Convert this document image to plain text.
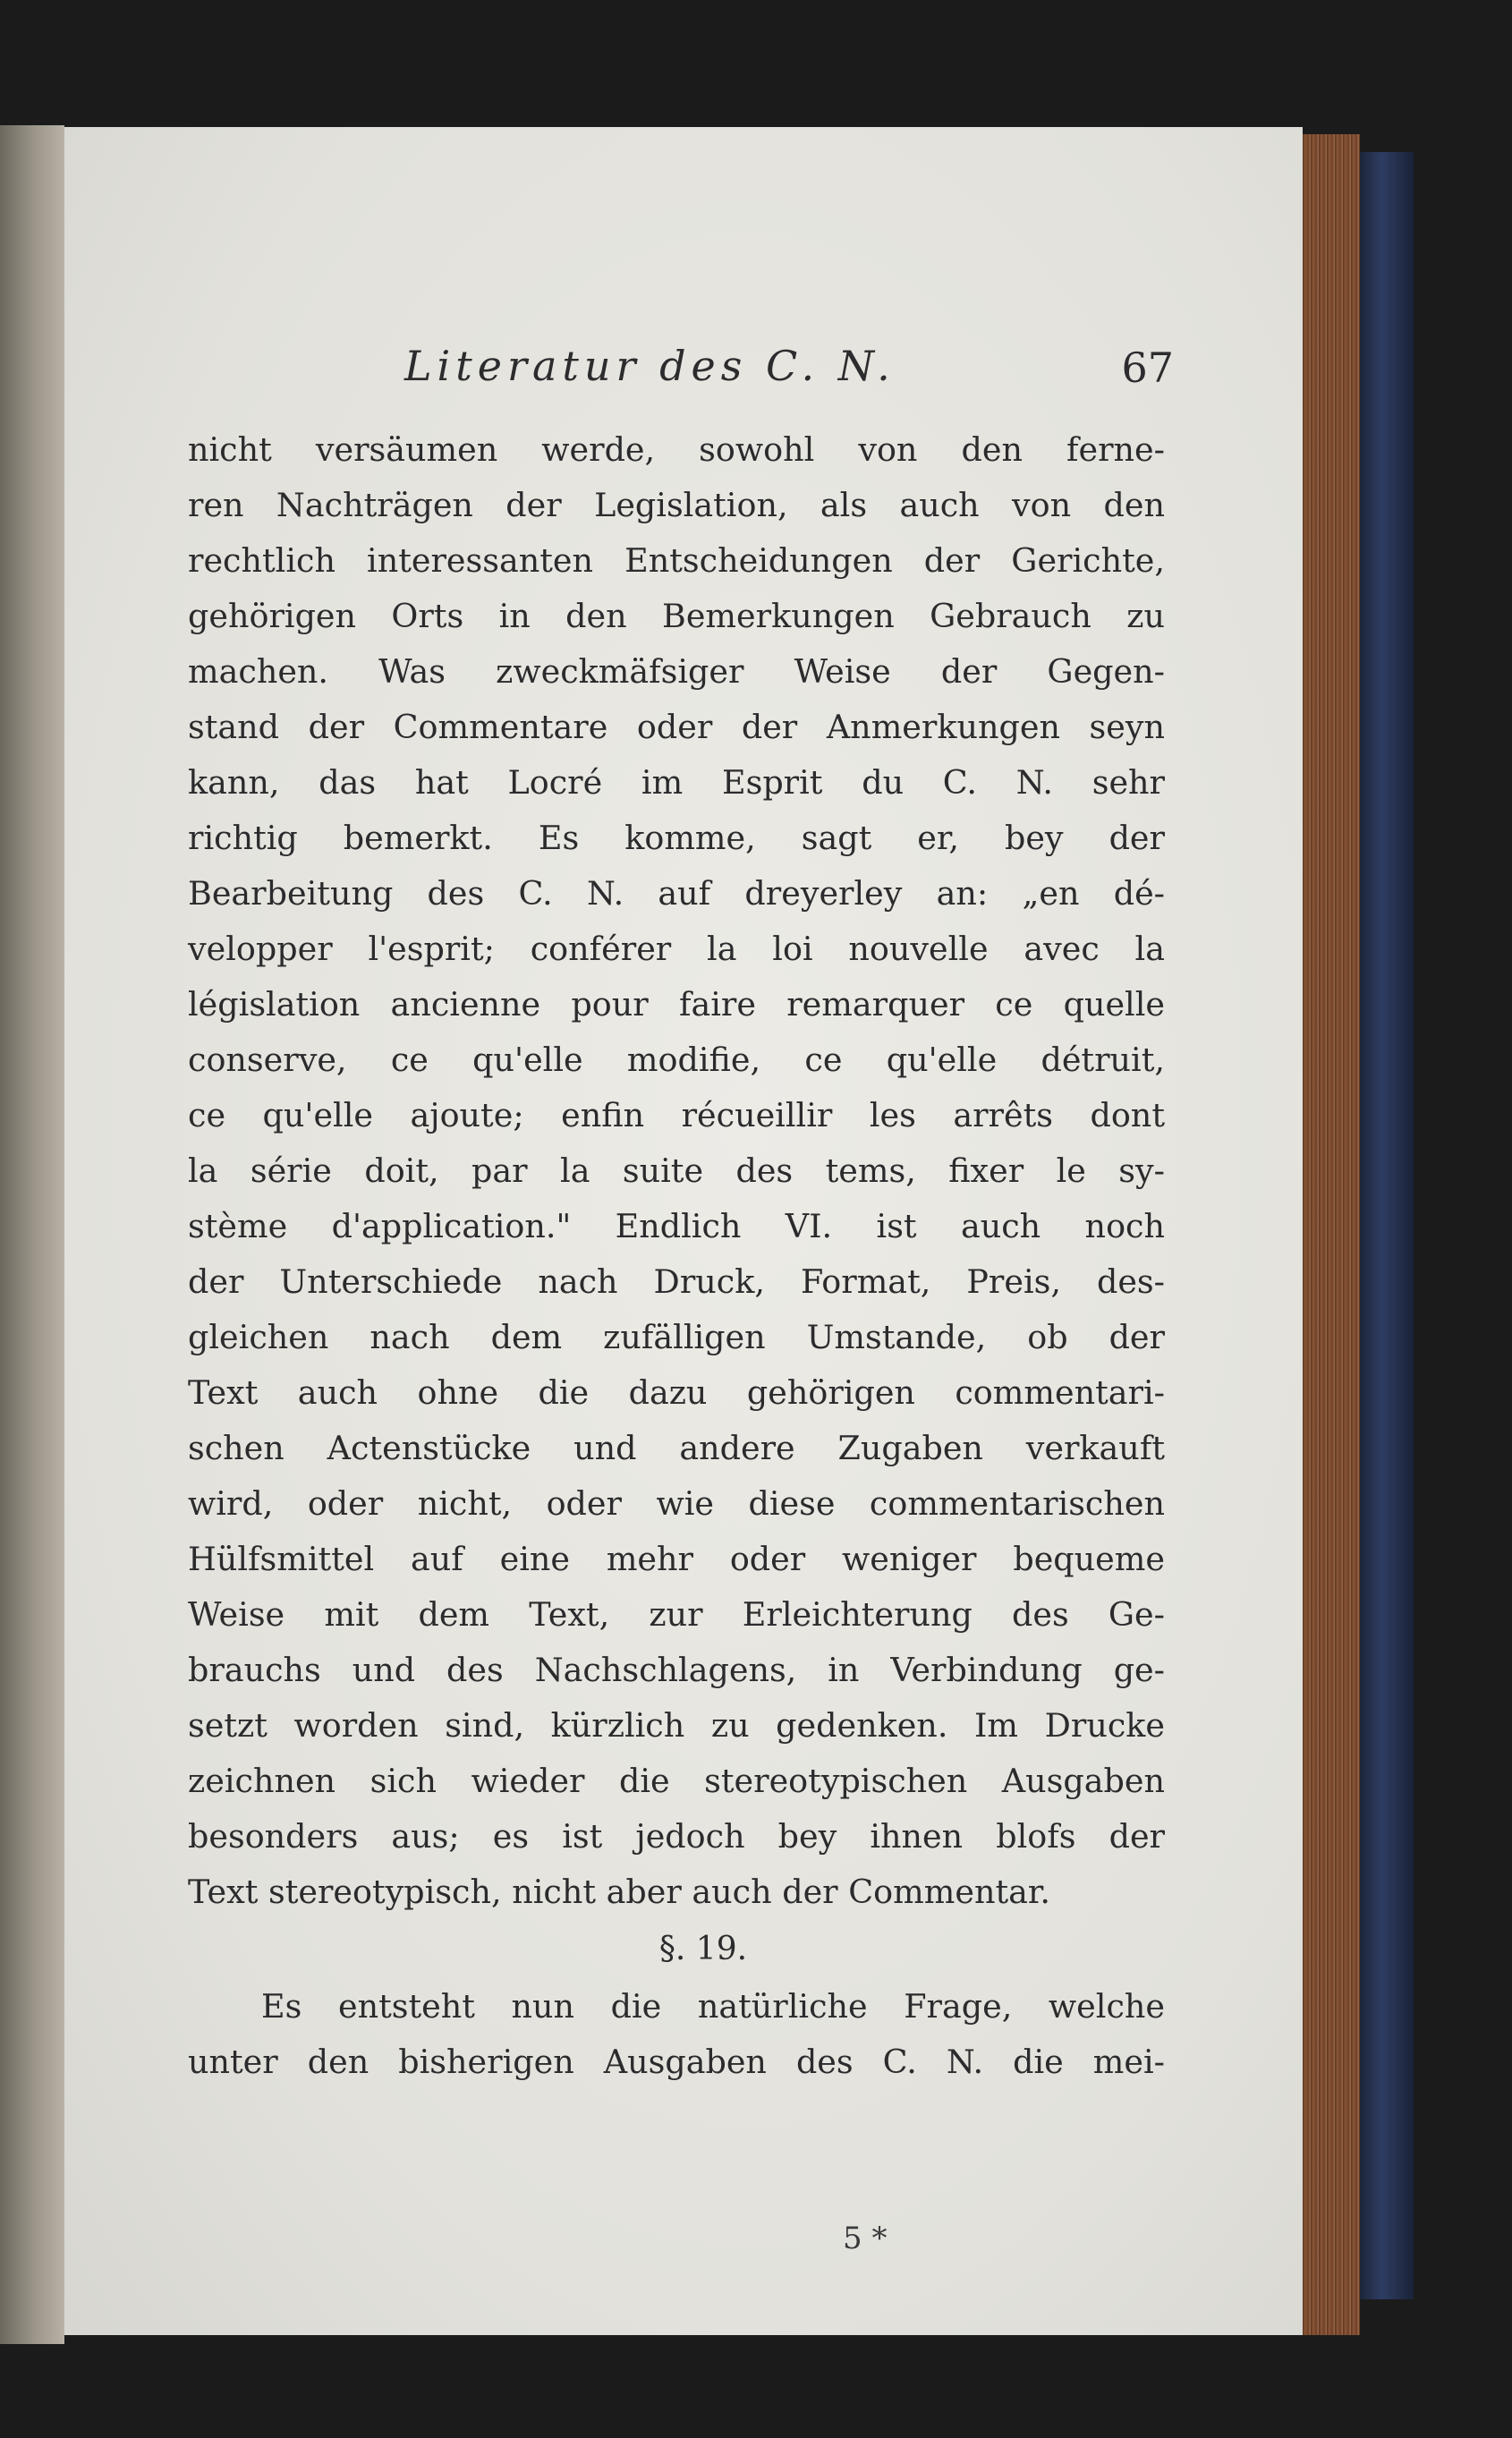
Literatur des C. N.	67
nicht versäumen werde, sowohl von den ferne-
ren Nachträgen der Legislation, als auch von den
rechtlich interessanten Entscheidungen der Gerichte,
gehörigen Orts in den Bemerkungen Gebrauch zu
machen. Was zweckmäfsiger Weise der Gegen-
stand der Commentare oder der Anmerkungen seyn
kann, das hat Locré im Esprit du C. N. sehr
richtig bemerkt. Es komme, sagt er, bey der
Bearbeitung des C. N. auf dreyerley an: „en dé-
velopper l'esprit; conférer la loi nouvelle avec la
législation ancienne pour faire remarquer ce quelle
conserve, ce qu'elle modifie, ce qu'elle détruit,
ce qu'elle ajoute; enfin récueillir les arrêts dont
la série doit, par la suite des tems, fixer le sy-
stème d'application." Endlich VI. ist auch noch
der Unterschiede nach Druck, Format, Preis, des-
gleichen nach dem zufälligen Umstande, ob der
Text auch ohne die dazu gehörigen commentari-
schen Actenstücke und andere Zugaben verkauft
wird, oder nicht, oder wie diese commentarischen
Hülfsmittel auf eine mehr oder weniger bequeme
Weise mit dem Text, zur Erleichterung des Ge-
brauchs und des Nachschlagens, in Verbindung ge-
setzt worden sind, kürzlich zu gedenken. Im Drucke
zeichnen sich wieder die stereotypischen Ausgaben
besonders aus; es ist jedoch bey ihnen blofs der
Text stereotypisch, nicht aber auch der Commentar.
§. 19.
Es entsteht nun die natürliche Frage, welche
unter den bisherigen Ausgaben des C. N. die mei-
5 *
